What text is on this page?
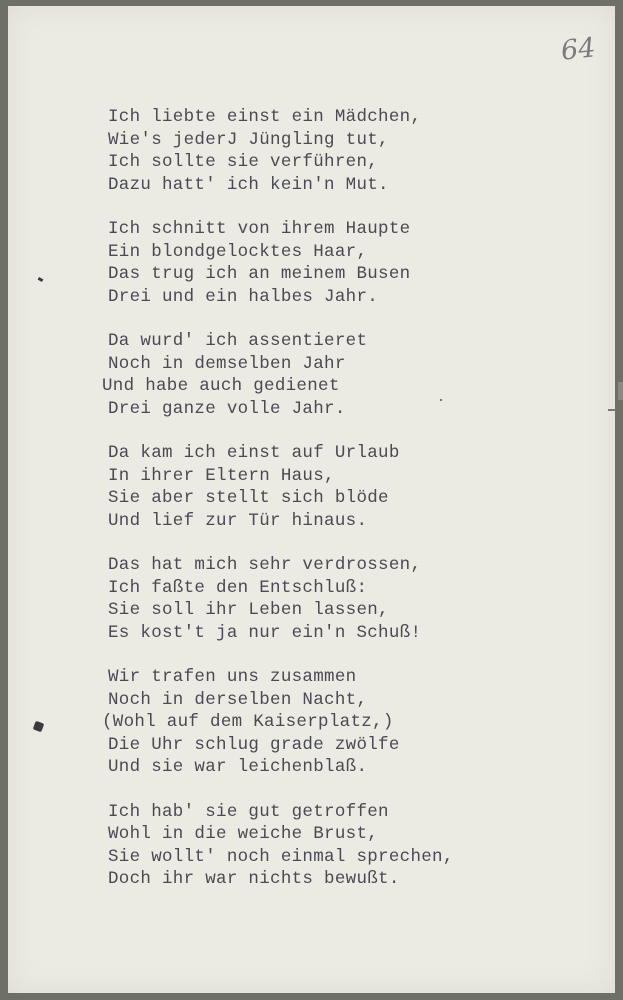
64
Ich liebte einst ein Mädchen,
Wie's jederJ Jüngling tut,
Ich sollte sie verführen,
Dazu hatt' ich kein'n Mut.
Ich schnitt von ihrem Haupte
Ein blondgelocktes Haar,
Das trug ich an meinem Busen
Drei und ein halbes Jahr.
Da wurd' ich assentieret
Noch in demselben Jahr
Und habe auch gedienet
Drei ganze volle Jahr.
Da kam ich einst auf Urlaub
In ihrer Eltern Haus,
Sie aber stellt sich blöde
Und lief zur Tür hinaus.
Das hat mich sehr verdrossen,
Ich faßte den Entschluß:
Sie soll ihr Leben lassen,
Es kost't ja nur ein'n Schuß!
Wir trafen uns zusammen
Noch in derselben Nacht,
(Wohl auf dem Kaiserplatz,)
Die Uhr schlug grade zwölfe
Und sie war leichenblaß.
Ich hab' sie gut getroffen
Wohl in die weiche Brust,
Sie wollt' noch einmal sprechen,
Doch ihr war nichts bewußt.
